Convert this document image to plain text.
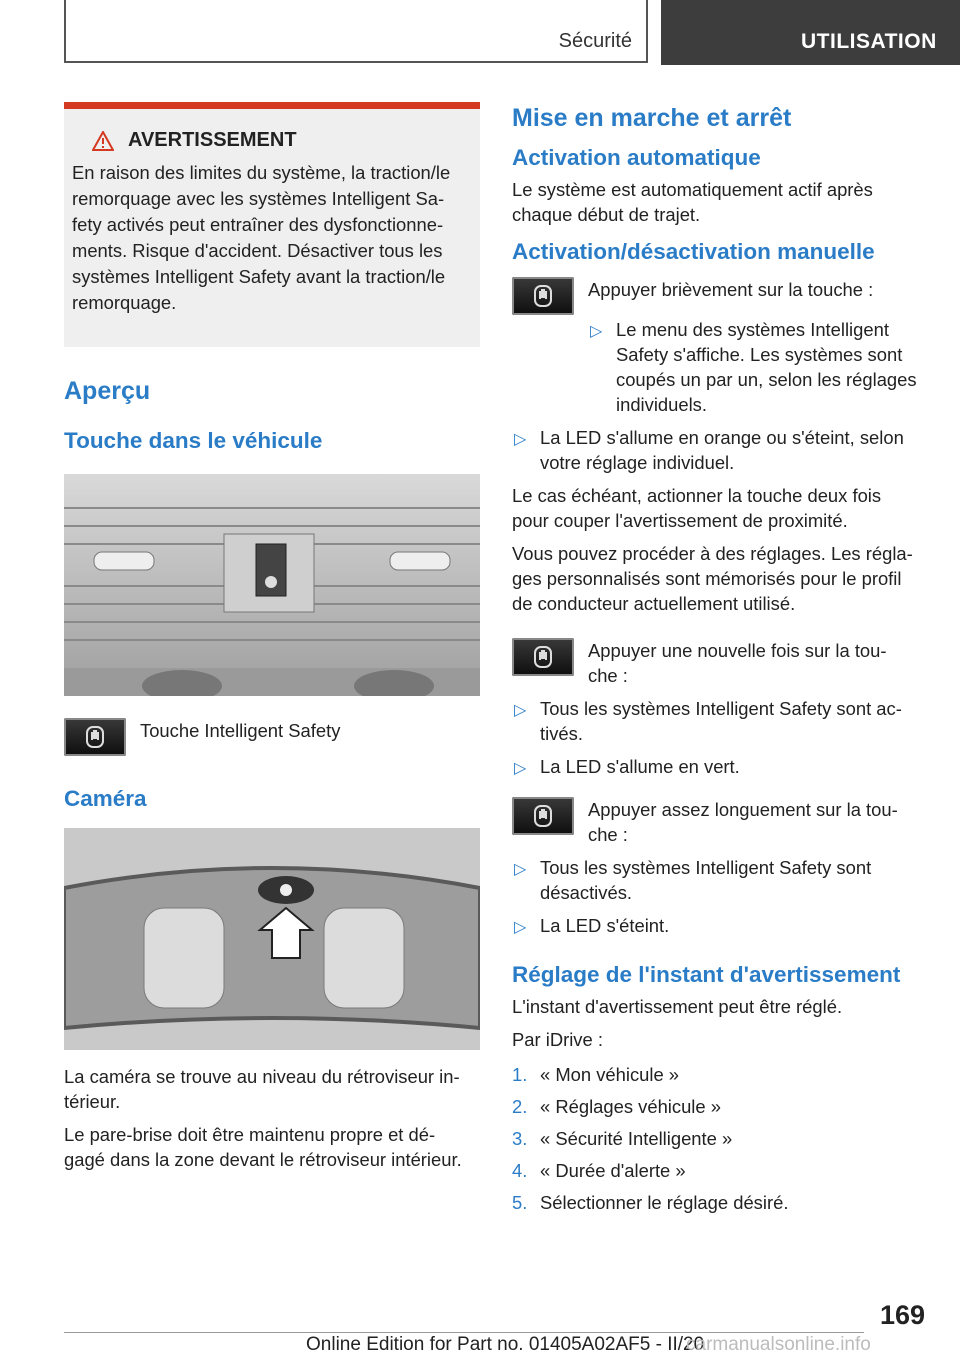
Sécurité	UTILISATION
AVERTISSEMENT
En raison des limites du système, la traction/le
remorquage avec les systèmes Intelligent Sa-
fety activés peut entraîner des dysfonctionne-
ments. Risque d'accident. Désactiver tous les
systèmes Intelligent Safety avant la traction/le
remorquage.
Aperçu
Touche dans le véhicule
Touche Intelligent Safety
Caméra

La caméra se trouve au niveau du rétroviseur in-
térieur.

Le pare-brise doit être maintenu propre et dé-
gagé dans la zone devant le rétroviseur intérieur.

Mise en marche et arrêt
Activation automatique

Le système est automatiquement actif après
chaque début de trajet.

Activation/désactivation manuelle
Appuyer brièvement sur la touche :
▷ Le menu des systèmes Intelligent
Safety s'affiche. Les systèmes sont
coupés un par un, selon les réglages
individuels.
▷ La LED s'allume en orange ou s'éteint, selon
votre réglage individuel.

Le cas échéant, actionner la touche deux fois
pour couper l'avertissement de proximité.

Vous pouvez procéder à des réglages. Les régla-
ges personnalisés sont mémorisés pour le profil
de conducteur actuellement utilisé.

Appuyer une nouvelle fois sur la tou-
che :
▷ Tous les systèmes Intelligent Safety sont ac-
tivés.
▷ La LED s'allume en vert.
Appuyer assez longuement sur la tou-
che :
▷ Tous les systèmes Intelligent Safety sont
désactivés.
▷ La LED s'éteint.
Réglage de l'instant d'avertissement

L'instant d'avertissement peut être réglé.

Par iDrive :

1. « Mon véhicule »
2. « Réglages véhicule »
3. « Sécurité Intelligente »
4. « Durée d'alerte »
5. Sélectionner le réglage désiré.
169
Online Edition for Part no. 01405A02AF5 - II/20
carmanualsonline.info
